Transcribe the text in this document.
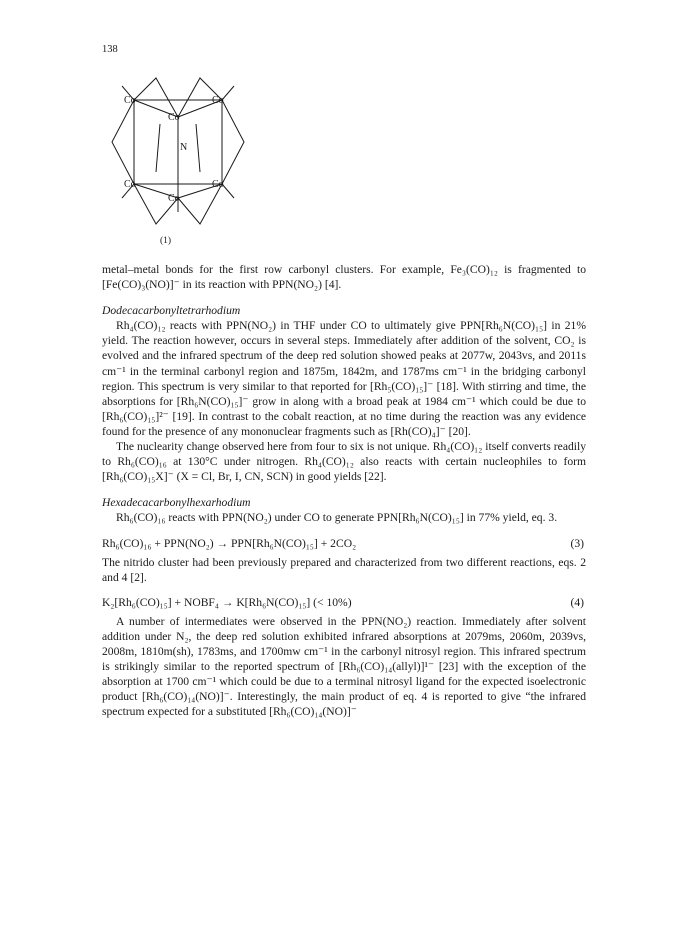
138
Co	Co
Co
N
Co	Co
Co
(1)

metal–metal bonds for the first row carbonyl clusters. For example, Fe₃(CO)₁₂ is fragmented to [Fe(CO)₃(NO)]⁻ in its reaction with PPN(NO₂) [4].

Dodecacarbonyltetrarhodium

Rh₄(CO)₁₂ reacts with PPN(NO₂) in THF under CO to ultimately give PPN[Rh₆N(CO)₁₅] in 21% yield. The reaction however, occurs in several steps. Immediately after addition of the solvent, CO₂ is evolved and the infrared spectrum of the deep red solution showed peaks at 2077w, 2043vs, and 2011s cm⁻¹ in the terminal carbonyl region and 1875m, 1842m, and 1787ms cm⁻¹ in the bridging carbonyl region. This spectrum is very similar to that reported for [Rh₅(CO)₁₅]⁻ [18]. With stirring and time, the absorptions for [Rh₆N(CO)₁₅]⁻ grow in along with a broad peak at 1984 cm⁻¹ which could be due to [Rh₆(CO)₁₅]²⁻ [19]. In contrast to the cobalt reaction, at no time during the reaction was any evidence found for the presence of any mononuclear fragments such as [Rh(CO)₄]⁻ [20].

The nuclearity change observed here from four to six is not unique. Rh₄(CO)₁₂ itself converts readily to Rh₆(CO)₁₆ at 130°C under nitrogen. Rh₄(CO)₁₂ also reacts with certain nucleophiles to form [Rh₆(CO)₁₅X]⁻ (X = Cl, Br, I, CN, SCN) in good yields [22].

Hexadecacarbonylhexarhodium

Rh₆(CO)₁₆ reacts with PPN(NO₂) under CO to generate PPN[Rh₆N(CO)₁₅] in 77% yield, eq. 3.

Rh₆(CO)₁₆ + PPN(NO₂) → PPN[Rh₆N(CO)₁₅] + 2CO₂	(3)

The nitrido cluster had been previously prepared and characterized from two different reactions, eqs. 2 and 4 [2].

K₂[Rh₆(CO)₁₅] + NOBF₄ → K[Rh₆N(CO)₁₅] (< 10%)	(4)

A number of intermediates were observed in the PPN(NO₂) reaction. Immediately after solvent addition under N₂, the deep red solution exhibited infrared absorptions at 2079ms, 2060m, 2039vs, 2008m, 1810m(sh), 1783ms, and 1700mw cm⁻¹ in the carbonyl nitrosyl region. This infrared spectrum is strikingly similar to the reported spectrum of [Rh₆(CO)₁₄(allyl)]¹⁻ [23] with the exception of the absorption at 1700 cm⁻¹ which could be due to a terminal nitrosyl ligand for the expected isoelectronic product [Rh₆(CO)₁₄(NO)]⁻. Interestingly, the main product of eq. 4 is reported to give “the infrared spectrum expected for a substituted [Rh₆(CO)₁₄(NO)]⁻
